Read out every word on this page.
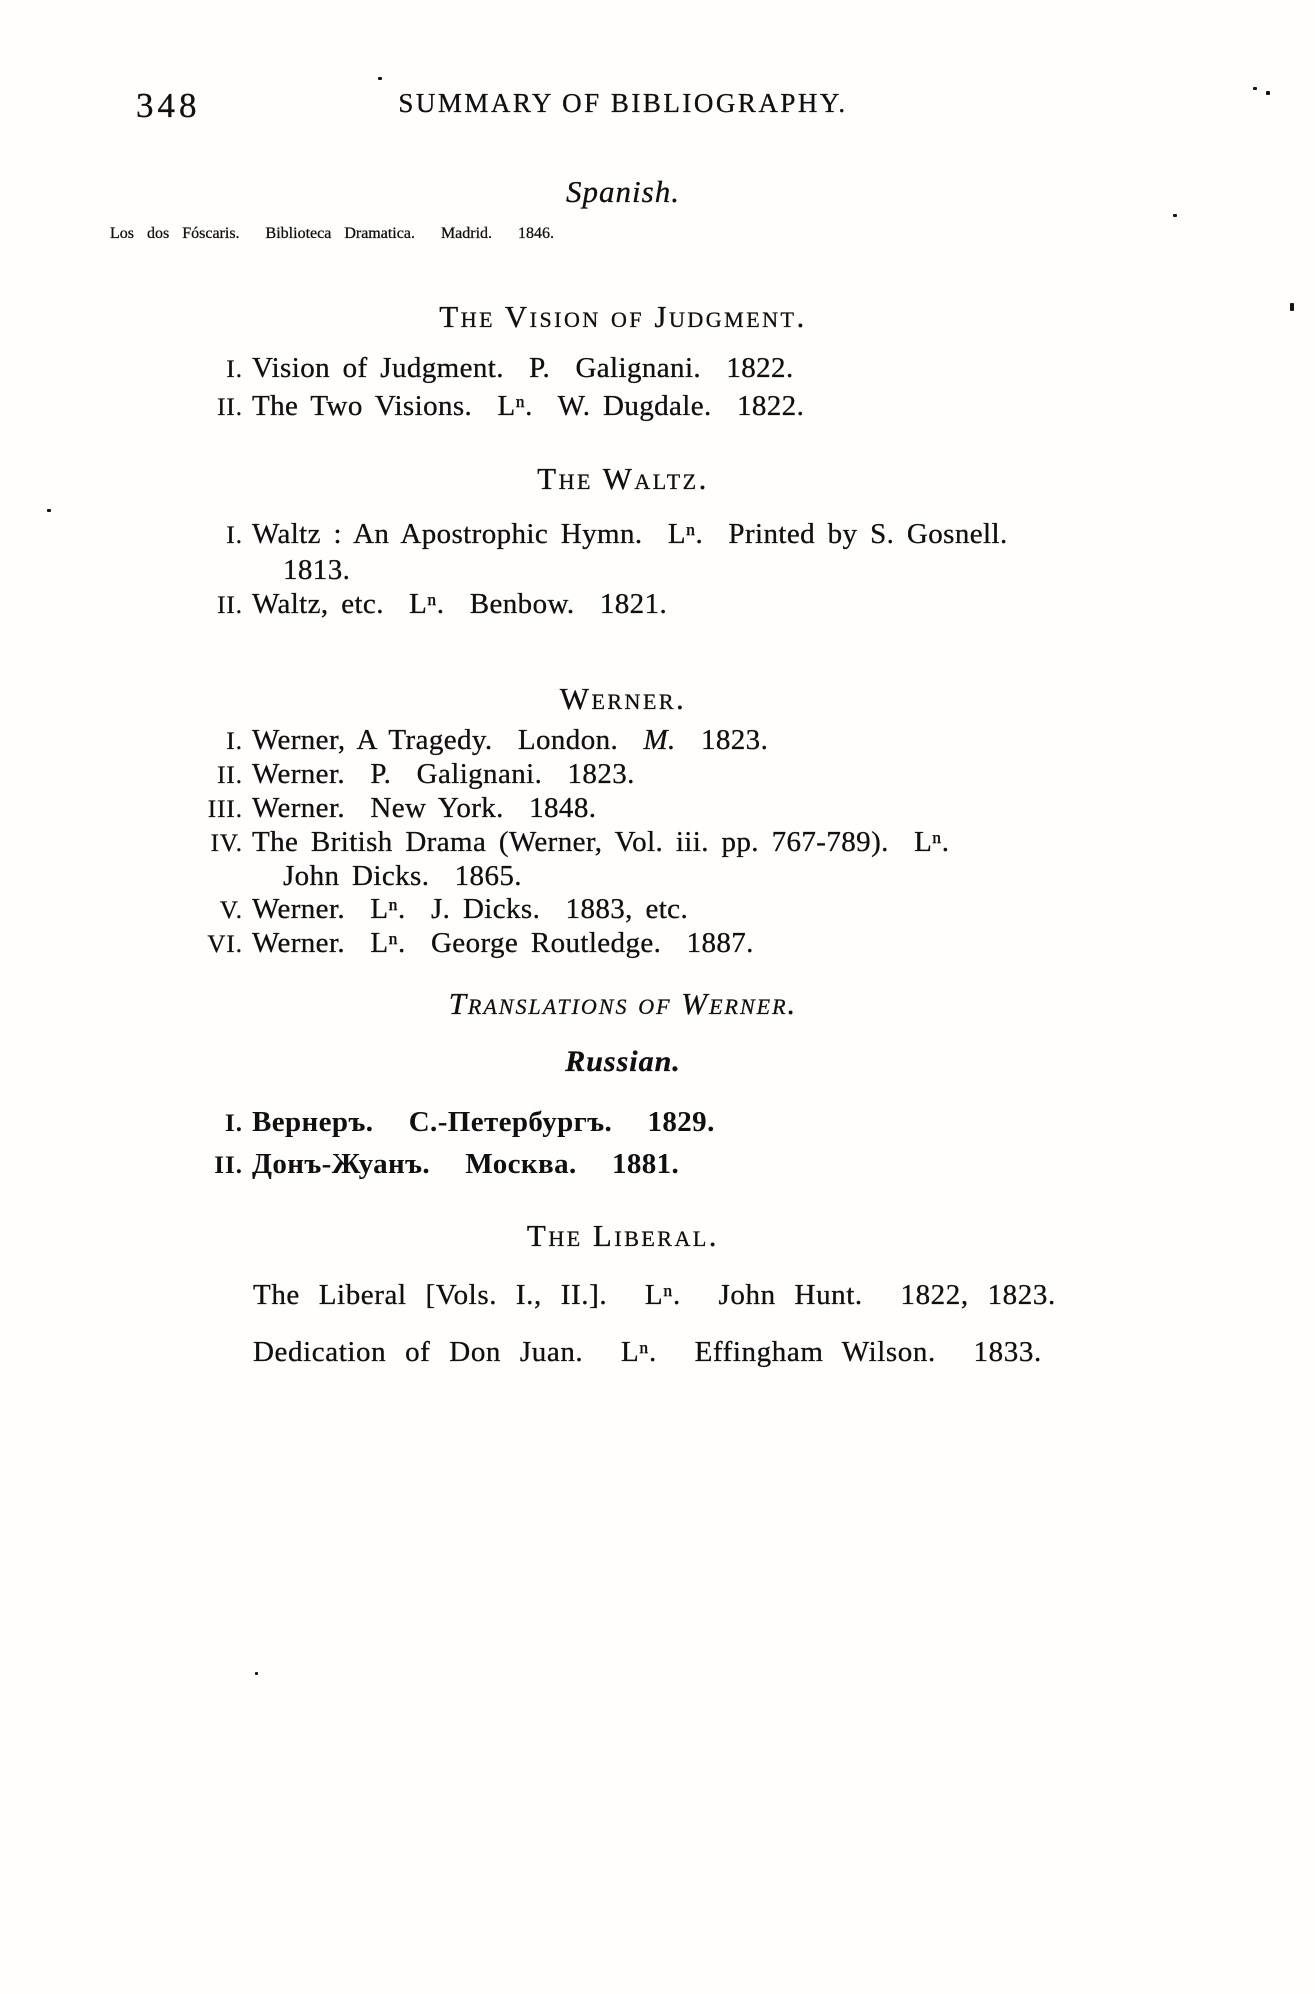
348	SUMMARY OF BIBLIOGRAPHY.
Spanish.

Los dos Fóscaris.  Biblioteca Dramatica.  Madrid.  1846.

The Vision of Judgment.
I. Vision of Judgment.  P.  Galignani.  1822.
II. The Two Visions.  Lⁿ.  W. Dugdale.  1822.
The Waltz.
I. Waltz : An Apostrophic Hymn.  Lⁿ.  Printed by S. Gosnell.
1813.
II. Waltz, etc.  Lⁿ.  Benbow.  1821.
Werner.
I. Werner, A Tragedy.  London.  M.  1823.
II. Werner.  P.  Galignani.  1823.
III. Werner.  New York.  1848.
IV. The British Drama (Werner, Vol. iii. pp. 767-789).  Lⁿ.
John Dicks.  1865.
V. Werner.  Lⁿ.  J. Dicks.  1883, etc.
VI. Werner.  Lⁿ.  George Routledge.  1887.
Translations of Werner.
Russian.
I. Вернеръ.  С.-Петербургъ.  1829.
II. Донъ-Жуанъ.  Москва.  1881.
The Liberal.

The Liberal [Vols. I., II.].  Lⁿ.  John Hunt.  1822, 1823.

Dedication of Don Juan.  Lⁿ.  Effingham Wilson.  1833.
